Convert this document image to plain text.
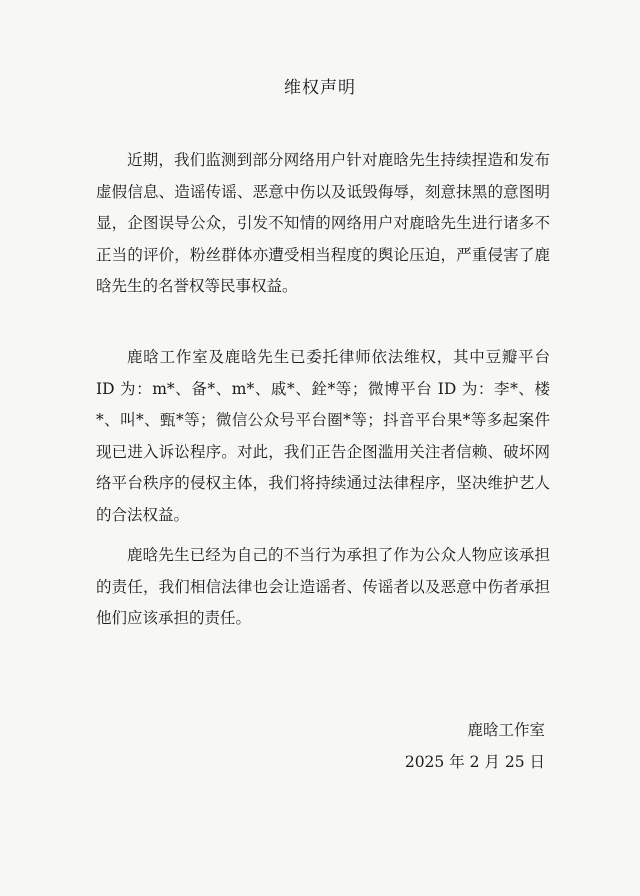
维权声明

近期，我们监测到部分网络用户针对鹿晗先生持续捏造和发布虚假信息、造谣传谣、恶意中伤以及诋毁侮辱，刻意抹黑的意图明显，企图误导公众，引发不知情的网络用户对鹿晗先生进行诸多不正当的评价，粉丝群体亦遭受相当程度的舆论压迫，严重侵害了鹿晗先生的名誉权等民事权益。

鹿晗工作室及鹿晗先生已委托律师依法维权，其中豆瓣平台 ID 为：m*、备*、m*、戚*、銓*等；微博平台 ID 为：李*、楼*、叫*、甄*等；微信公众号平台圈*等；抖音平台果*等多起案件现已进入诉讼程序。对此，我们正告企图滥用关注者信赖、破坏网络平台秩序的侵权主体，我们将持续通过法律程序，坚决维护艺人的合法权益。

鹿晗先生已经为自己的不当行为承担了作为公众人物应该承担的责任，我们相信法律也会让造谣者、传谣者以及恶意中伤者承担他们应该承担的责任。

鹿晗工作室
2025 年 2 月 25 日
